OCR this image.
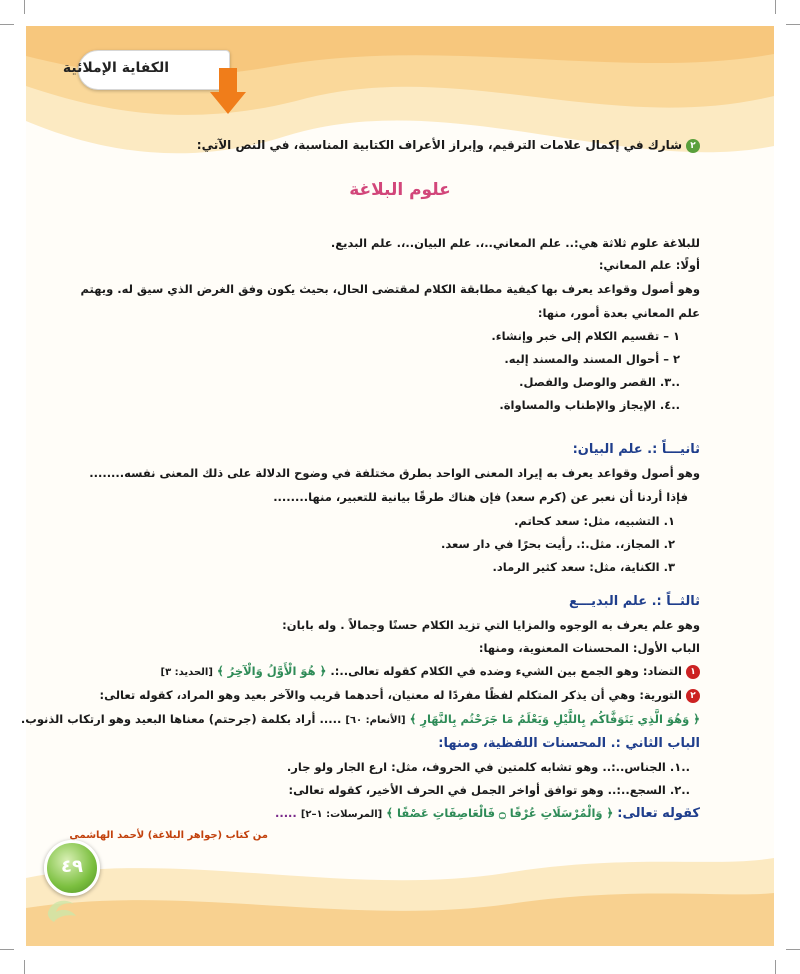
الكفاية الإملائية
٢شارك في إكمال علامات الترقيم، وإبراز الأعراف الكتابية المناسبة، في النص الآتي:
علوم البلاغة
للبلاغة علوم ثلاثة هي:.. علم المعاني..،. علم البيان..،. علم البديع.
أولًا: علم المعاني:
وهو أصول وقواعد يعرف بها كيفية مطابقة الكلام لمقتضى الحال، بحيث يكون وفق الغرض الذي سيق له. ويهتم
علم المعاني بعدة أمور، منها:
١ – تقسيم الكلام إلى خبر وإنشاء.
٢ – أحوال المسند والمسند إليه.
..٣. القصر والوصل والفصل.
..٤. الإيجاز والإطناب والمساواة.
ثانيـــاً :. علم البيان:
وهو أصول وقواعد يعرف به إيراد المعنى الواحد بطرق مختلفة في وضوح الدلالة على ذلك المعنى نفسه........
فإذا أردنا أن نعبر عن (كرم سعد) فإن هناك طرقًا بيانية للتعبير، منها........
١. التشبيه، مثل: سعد كحاتم.
٢. المجاز،. مثل.:. رأيت بحرًا في دار سعد.
٣. الكناية، مثل: سعد كثير الرماد.
ثالثــاً :. علم البديـــع
وهو علم يعرف به الوجوه والمزايا التي تزيد الكلام حسنًا وجمالاً . وله بابان:
الباب الأول: المحسنات المعنوية، ومنها:
١التضاد: وهو الجمع بين الشيء وضده في الكلام كقوله تعالى..:. ﴿ هُوَ الْأَوَّلُ وَالْآخِرُ ﴾ [الحديد: ٣]
٢التورية: وهي أن يذكر المتكلم لفظًا مفردًا له معنيان، أحدهما قريب والآخر بعيد وهو المراد، كقوله تعالى:
﴿ وَهُوَ الَّذِي يَتَوَفَّاكُم بِاللَّيْلِ وَيَعْلَمُ مَا جَرَحْتُم بِالنَّهَارِ ﴾ [الأنعام: ٦٠] ..... أراد بكلمة (جرحتم) معناها البعيد وهو ارتكاب الذنوب.
الباب الثاني :. المحسنات اللفظية، ومنها:
..١. الجناس..:.. وهو تشابه كلمتين في الحروف، مثل: ارع الجار ولو جار.
..٢. السجع..:.. وهو توافق أواخر الجمل في الحرف الأخير، كقوله تعالى:
كقوله تعالى: ﴿ وَالْمُرْسَلَاتِ عُرْفًا ۝ فَالْعَاصِفَاتِ عَصْفًا ﴾ [المرسلات: ١–٢] .....
من كتاب (جواهر البلاغة) لأحمد الهاشمي
٤٩
